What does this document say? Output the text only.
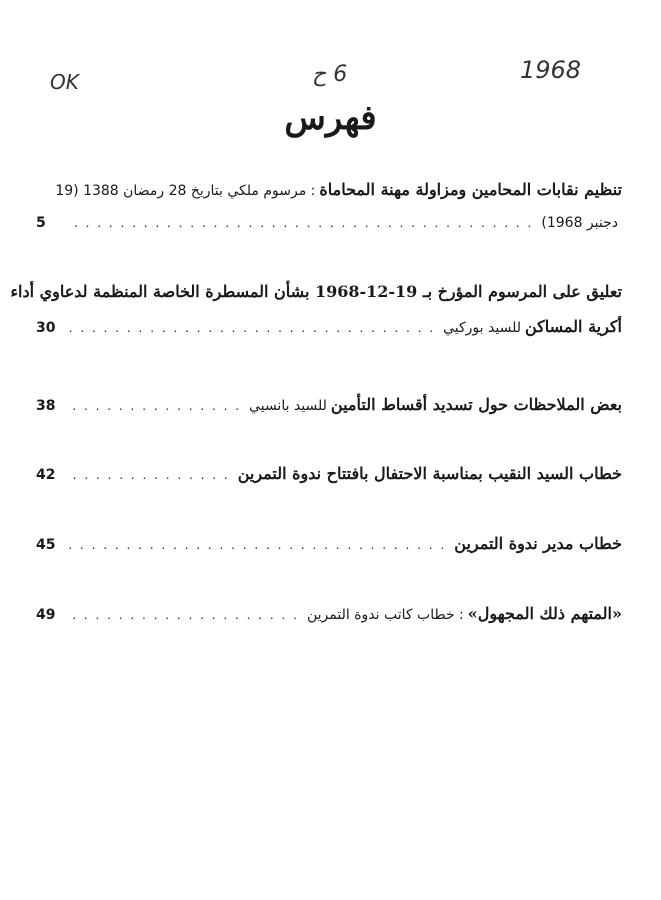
OK	6 ح	1968
فهرس
تنظيم نقابات المحامين ومزاولة مهنة المحاماة
: مرسوم ملكي بتاريخ 28 رمضان 1388 (19
دجنبر 1968)
. . .
5
تعليق على المرسوم المؤرخ بـ 19-12-1968 بشأن المسطرة الخاصة المنظمة لدعاوي أداء
أكرية المساكن
للسيد بوركيي
. . .
30
بعض الملاحظات حول تسديد أقساط التأمين
للسيد بانسيي
. . .
38
خطاب السيد النقيب بمناسبة الاحتفال بافتتاح ندوة التمرين
. . .
42
خطاب مدير ندوة التمرين
. . .
45
«المتهم ذلك المجهول»
: خطاب كاتب ندوة التمرين
. . .
49
